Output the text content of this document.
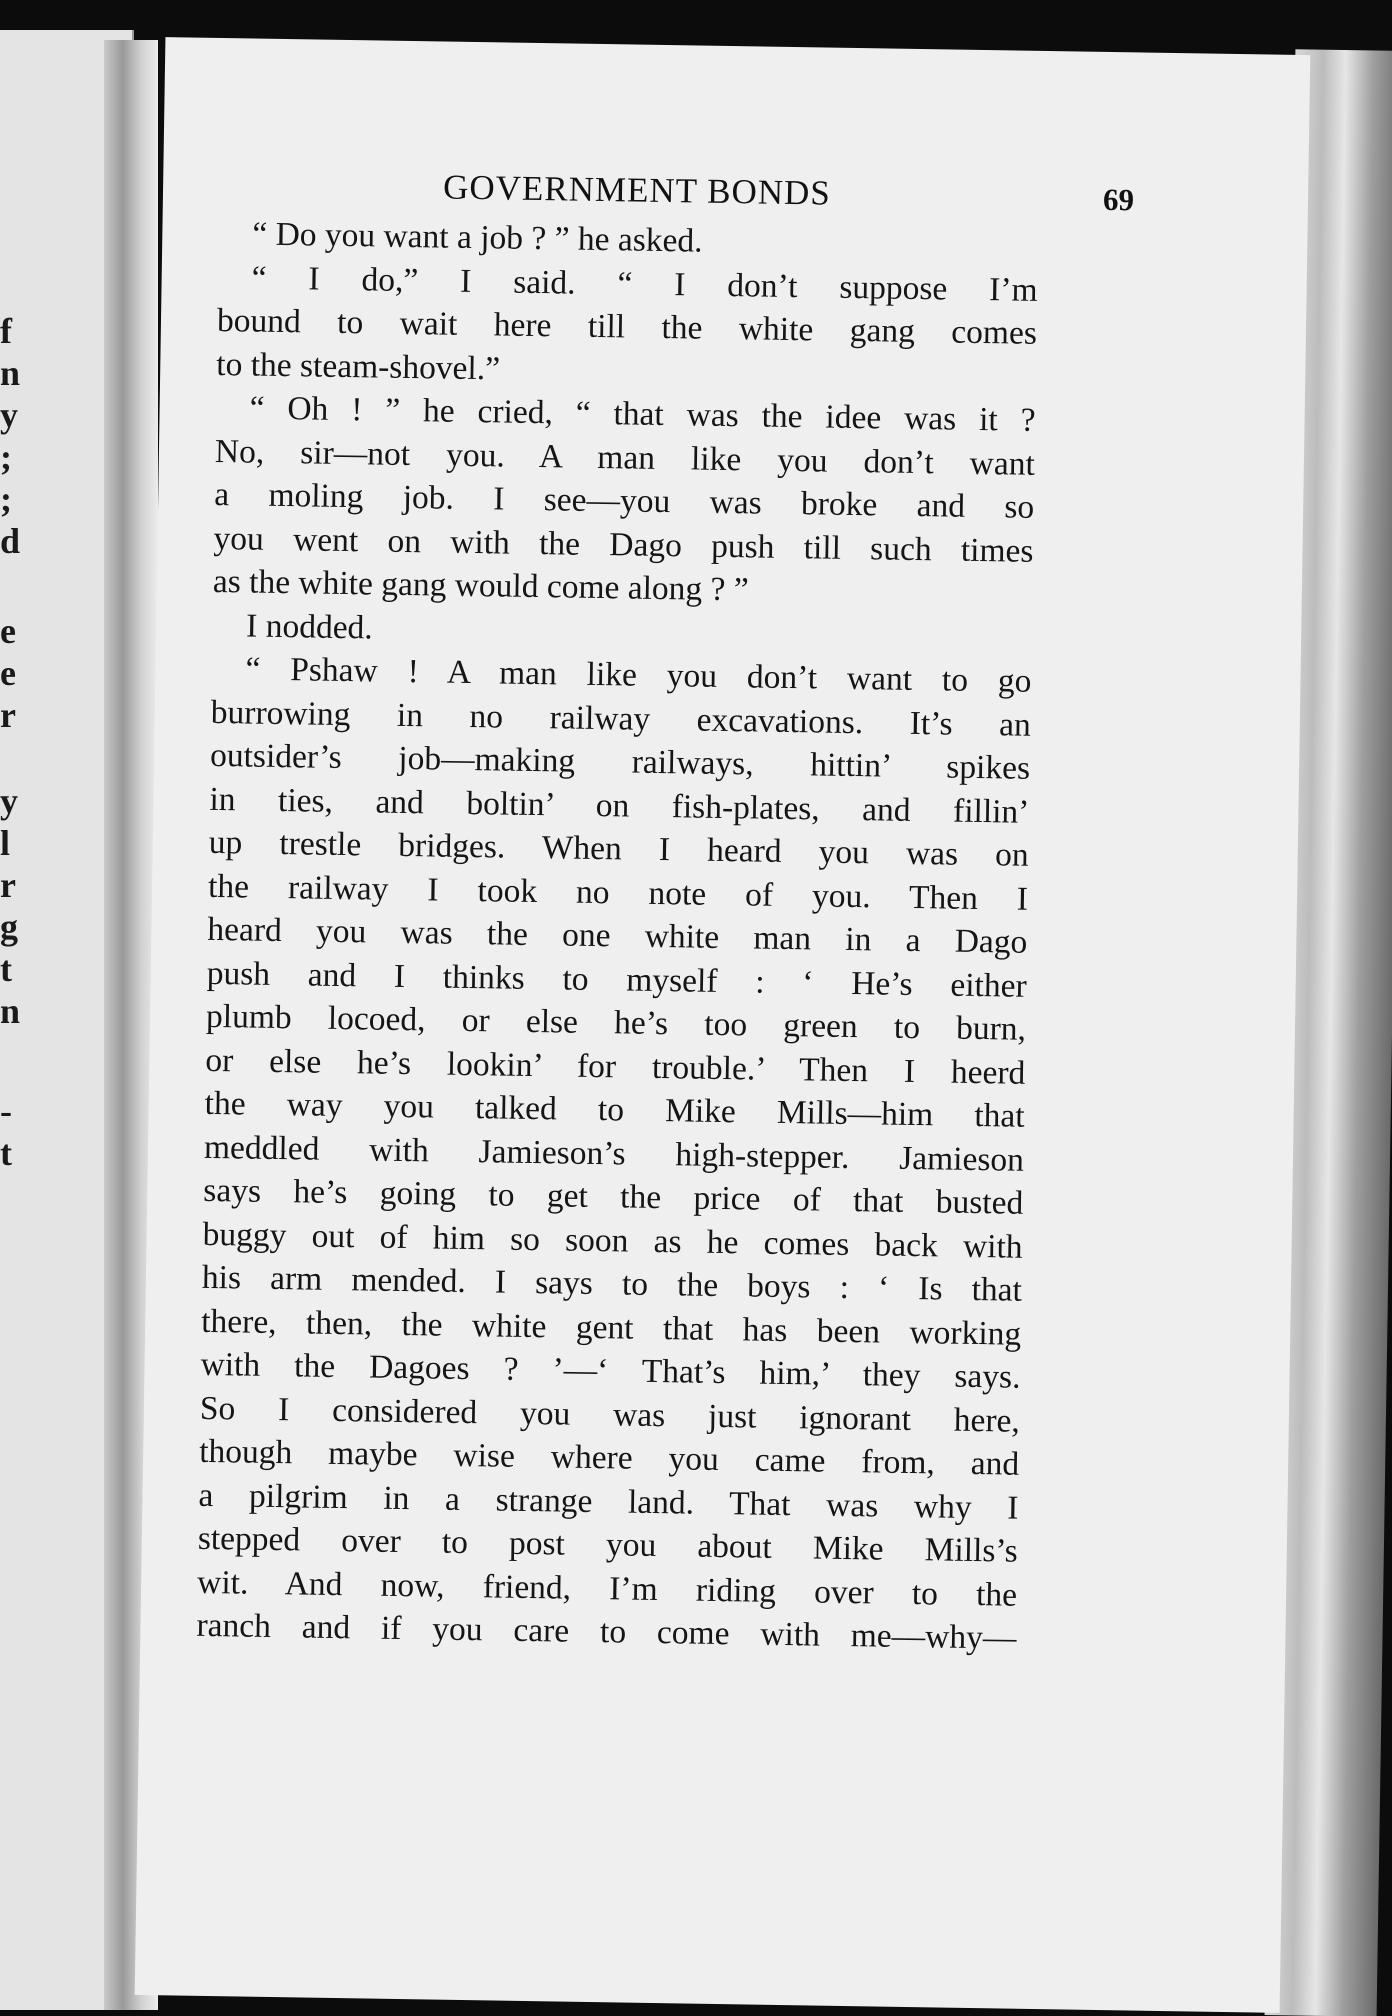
f
n
y
;
;
d
e
e
r
y
l
r
g
t
n
-
t
GOVERNMENT BONDS	69
“ Do you want a job ? ” he asked.
“ I do,” I said. “ I don’t suppose I’m
bound to wait here till the white gang comes
to the steam-shovel.”
“ Oh ! ” he cried, “ that was the idee was it ?
No, sir—not you. A man like you don’t want
a moling job. I see—you was broke and so
you went on with the Dago push till such times
as the white gang would come along ? ”
I nodded.
“ Pshaw ! A man like you don’t want to go
burrowing in no railway excavations. It’s an
outsider’s job—making railways, hittin’ spikes
in ties, and boltin’ on fish-plates, and fillin’
up trestle bridges. When I heard you was on
the railway I took no note of you. Then I
heard you was the one white man in a Dago
push and I thinks to myself : ‘ He’s either
plumb locoed, or else he’s too green to burn,
or else he’s lookin’ for trouble.’ Then I heerd
the way you talked to Mike Mills—him that
meddled with Jamieson’s high-stepper. Jamieson
says he’s going to get the price of that busted
buggy out of him so soon as he comes back with
his arm mended. I says to the boys : ‘ Is that
there, then, the white gent that has been working
with the Dagoes ? ’—‘ That’s him,’ they says.
So I considered you was just ignorant here,
though maybe wise where you came from, and
a pilgrim in a strange land. That was why I
stepped over to post you about Mike Mills’s
wit. And now, friend, I’m riding over to the
ranch and if you care to come with me—why—
